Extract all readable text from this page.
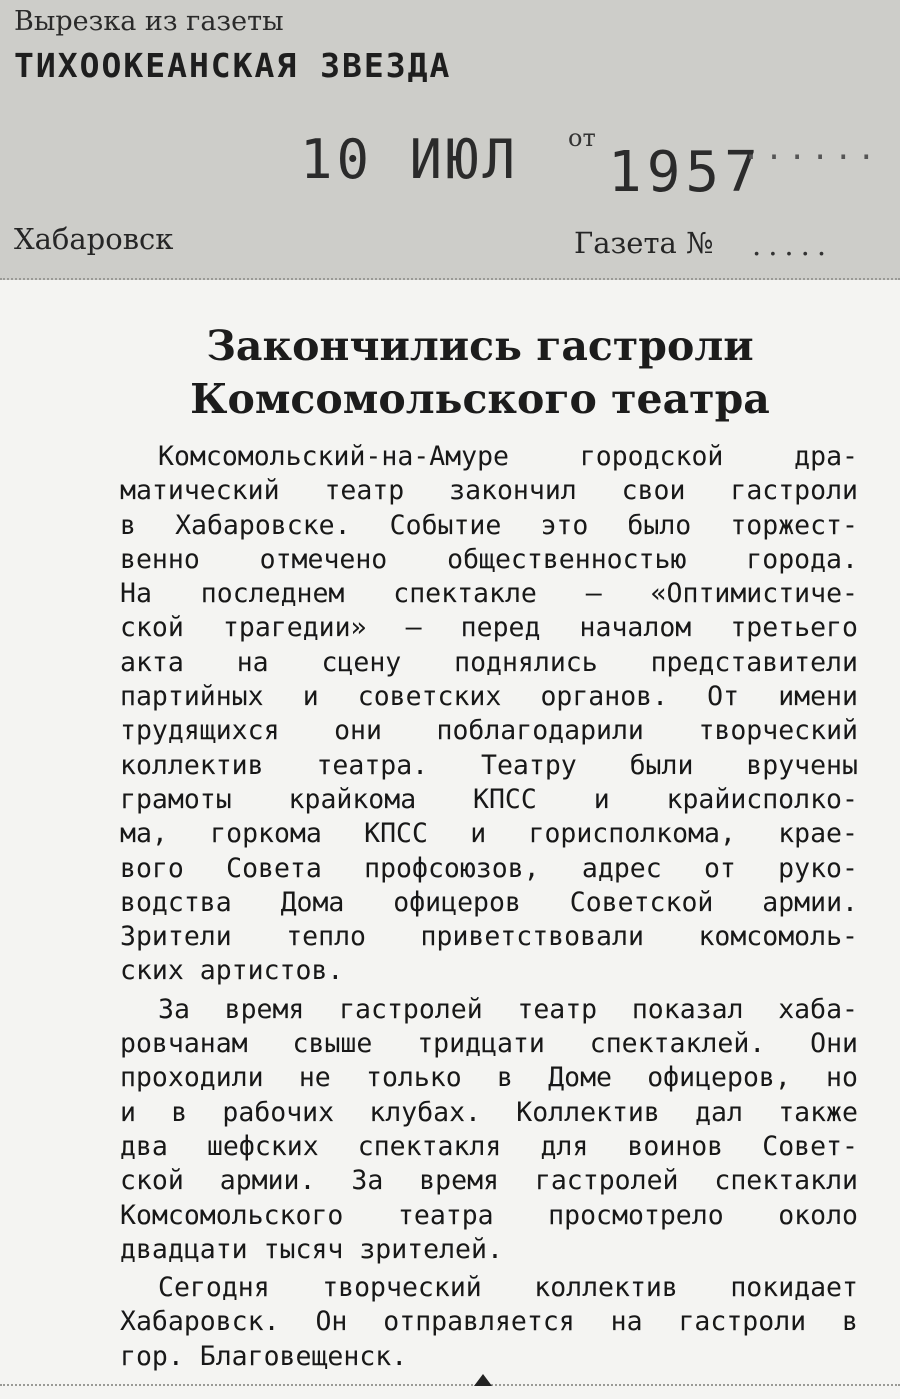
Вырезка из газеты
ТИХООКЕАНСКАЯ ЗВЕЗДА
10 ИЮЛ от
1957
......
Хабаровск	Газета № .....
Закончились гастроли
Комсомольского театра
Комсомольский-на-Амуре	городской	дра-
матический театр закончил свои гастроли
в Хабаровске. Событие это было торжест-
венно отмечено общественностью города.
На последнем спектакле — «Оптимистиче-
ской трагедии» — перед началом третьего
акта на сцену поднялись представители
партийных и советских органов. От имени
трудящихся они поблагодарили творческий
коллектив театра. Театру были вручены
грамоты крайкома КПСС и крайисполко-
ма, горкома КПСС и горисполкома, крае-
вого Совета профсоюзов, адрес от руко-
водства Дома офицеров Советской армии.
Зрители тепло приветствовали комсомоль-
ских артистов.
За время гастролей театр показал хаба-
ровчанам свыше тридцати спектаклей. Они
проходили не только в Доме офицеров, но
и в рабочих клубах. Коллектив дал также
два шефских спектакля для воинов Совет-
ской армии. За время гастролей спектакли
Комсомольского театра просмотрело около
двадцати тысяч зрителей.
Сегодня творческий коллектив покидает
Хабаровск. Он отправляется на гастроли в
гор. Благовещенск.
